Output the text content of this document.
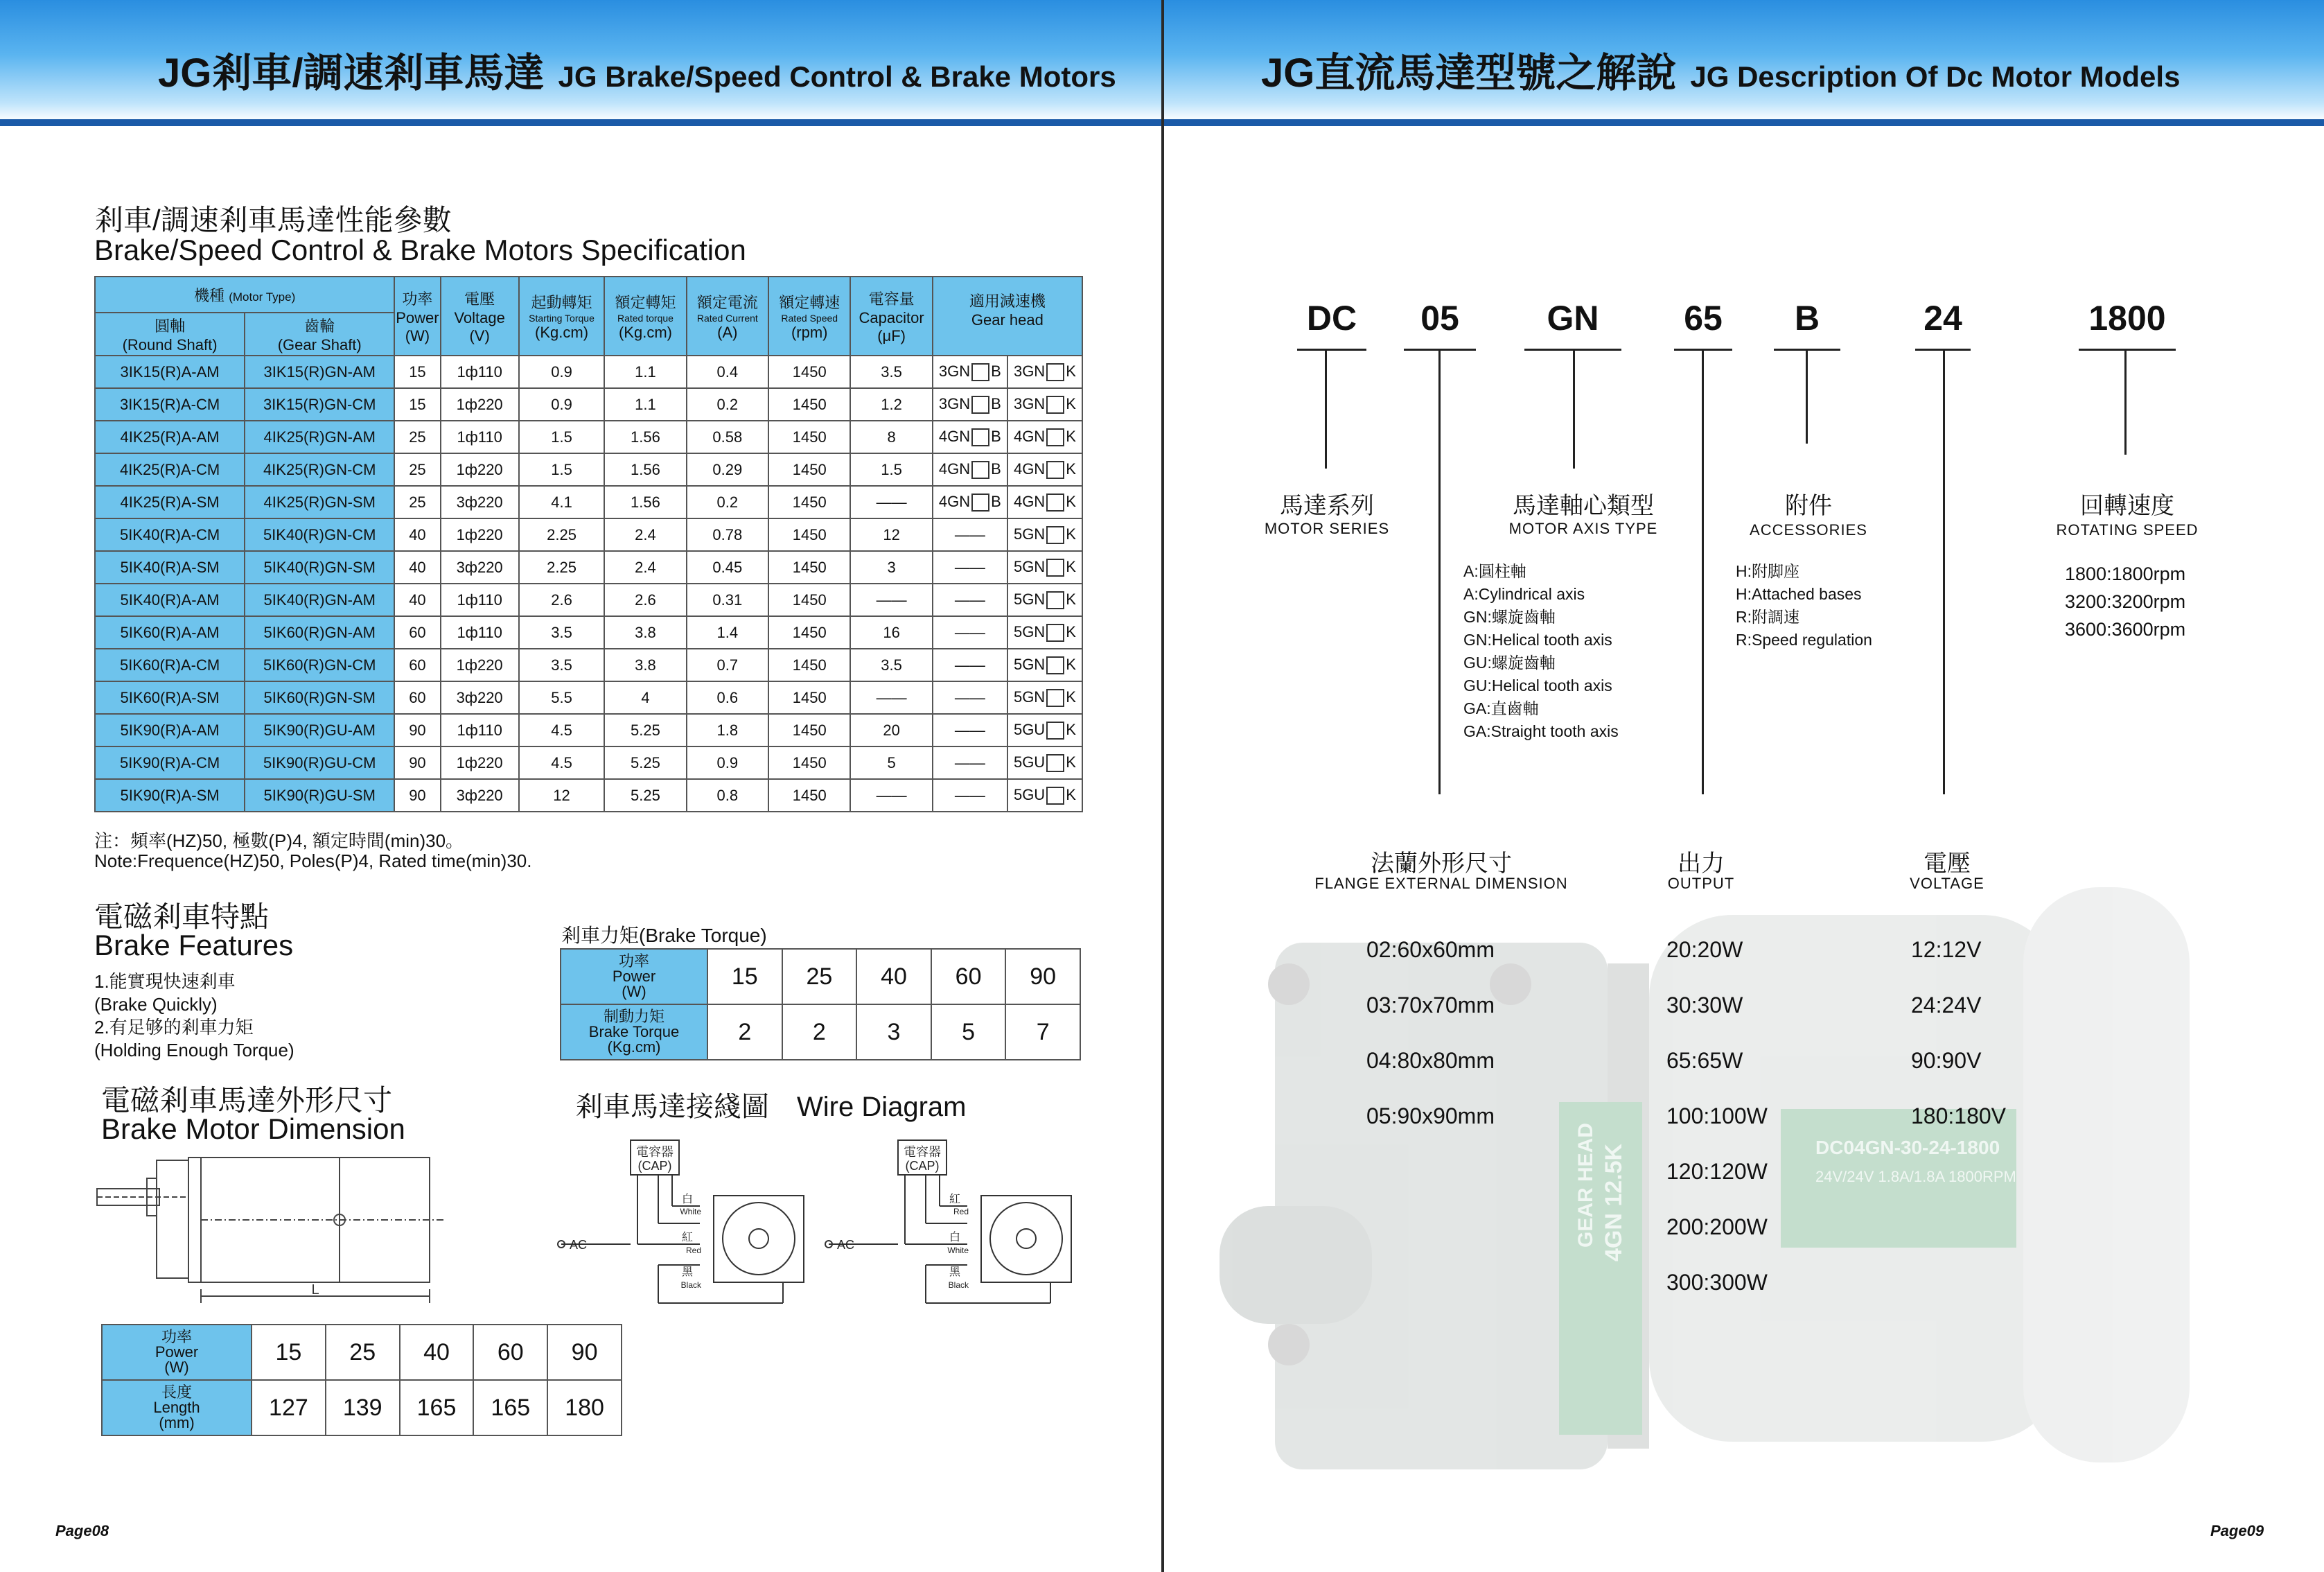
JG剎車/調速剎車馬達 JG Brake/Speed Control & Brake Motors	JG直流馬達型號之解說 JG Description Of Dc Motor Models
剎車/調速剎車馬達性能參數
Brake/Speed Control & Brake Motors Specification
機種 (Motor Type)		功率
Power
(W)	電壓
Voltage
(V)	起動轉矩
Starting Torque
(Kg.cm)	額定轉矩
Rated torque
(Kg.cm)	額定電流
Rated Current
(A)	額定轉速
Rated Speed
(rpm)	電容量
Capacitor
(μF)	適用減速機
Gear head	
圓軸
(Round Shaft)	齒輪
(Gear Shaft)									
3IK15(R)A-AM	3IK15(R)GN-AM	15	1ф110	0.9	1.1	0.4	1450	3.5	3GN B	3GN K
3IK15(R)A-CM	3IK15(R)GN-CM	15	1ф220	0.9	1.1	0.2	1450	1.2	3GN B	3GN K
4IK25(R)A-AM	4IK25(R)GN-AM	25	1ф110	1.5	1.56	0.58	1450	8	4GN B	4GN K
4IK25(R)A-CM	4IK25(R)GN-CM	25	1ф220	1.5	1.56	0.29	1450	1.5	4GN B	4GN K
4IK25(R)A-SM	4IK25(R)GN-SM	25	3ф220	4.1	1.56	0.2	1450	——	4GN B	4GN K
5IK40(R)A-CM	5IK40(R)GN-CM	40	1ф220	2.25	2.4	0.78	1450	12	——	5GN K
5IK40(R)A-SM	5IK40(R)GN-SM	40	3ф220	2.25	2.4	0.45	1450	3	——	5GN K
5IK40(R)A-AM	5IK40(R)GN-AM	40	1ф110	2.6	2.6	0.31	1450	——	——	5GN K
5IK60(R)A-AM	5IK60(R)GN-AM	60	1ф110	3.5	3.8	1.4	1450	16	——	5GN K
5IK60(R)A-CM	5IK60(R)GN-CM	60	1ф220	3.5	3.8	0.7	1450	3.5	——	5GN K
5IK60(R)A-SM	5IK60(R)GN-SM	60	3ф220	5.5	4	0.6	1450	——	——	5GN K
5IK90(R)A-AM	5IK90(R)GU-AM	90	1ф110	4.5	5.25	1.8	1450	20	——	5GU K
5IK90(R)A-CM	5IK90(R)GU-CM	90	1ф220	4.5	5.25	0.9	1450	5	——	5GU K
5IK90(R)A-SM	5IK90(R)GU-SM	90	3ф220	12	5.25	0.8	1450	——	——	5GU K
注：頻率(HZ)50, 極數(P)4, 額定時間(min)30。
Note:Frequence(HZ)50, Poles(P)4, Rated time(min)30.
電磁剎車特點
Brake Features
1.能實現快速剎車
(Brake Quickly)
2.有足够的剎車力矩
(Holding Enough Torque)
剎車力矩(Brake Torque)
功率
Power
(W)	15	25	40	60	90
制動力矩
Brake Torque
(Kg.cm)	2	2	3	5	7
電磁剎車馬達外形尺寸
Brake Motor Dimension
L
功率
Power
(W)	15	25	40	60	90
長度
Length
(mm)	127	139	165	165	180
剎車馬達接綫圖 Wire Diagram
電容器
(CAP)
AC
白
White
紅
Red
黑
Black
電容器
(CAP)
AC
紅
Red
白
White
黑
Black
Page08
DC04GN-30-24-1800
24V/24V 1.8A/1.8A 1800RPM
GEAR HEAD 4GN 12.5K
DC	05	GN	65	B	24	1800
馬達系列
MOTOR SERIES
馬達軸心類型
MOTOR AXIS TYPE
附件
ACCESSORIES
回轉速度
ROTATING SPEED
A:圓柱軸
A:Cylindrical axis
GN:螺旋齒軸
GN:Helical tooth axis
GU:螺旋齒軸
GU:Helical tooth axis
GA:直齒軸
GA:Straight tooth axis
H:附脚座
H:Attached bases
R:附調速
R:Speed regulation
1800:1800rpm
3200:3200rpm
3600:3600rpm
法蘭外形尺寸
FLANGE EXTERNAL DIMENSION
出力
OUTPUT
電壓
VOLTAGE
02:60x60mm
03:70x70mm
04:80x80mm
05:90x90mm
20:20W
30:30W
65:65W
100:100W
120:120W
200:200W
300:300W
12:12V
24:24V
90:90V
180:180V
Page09
